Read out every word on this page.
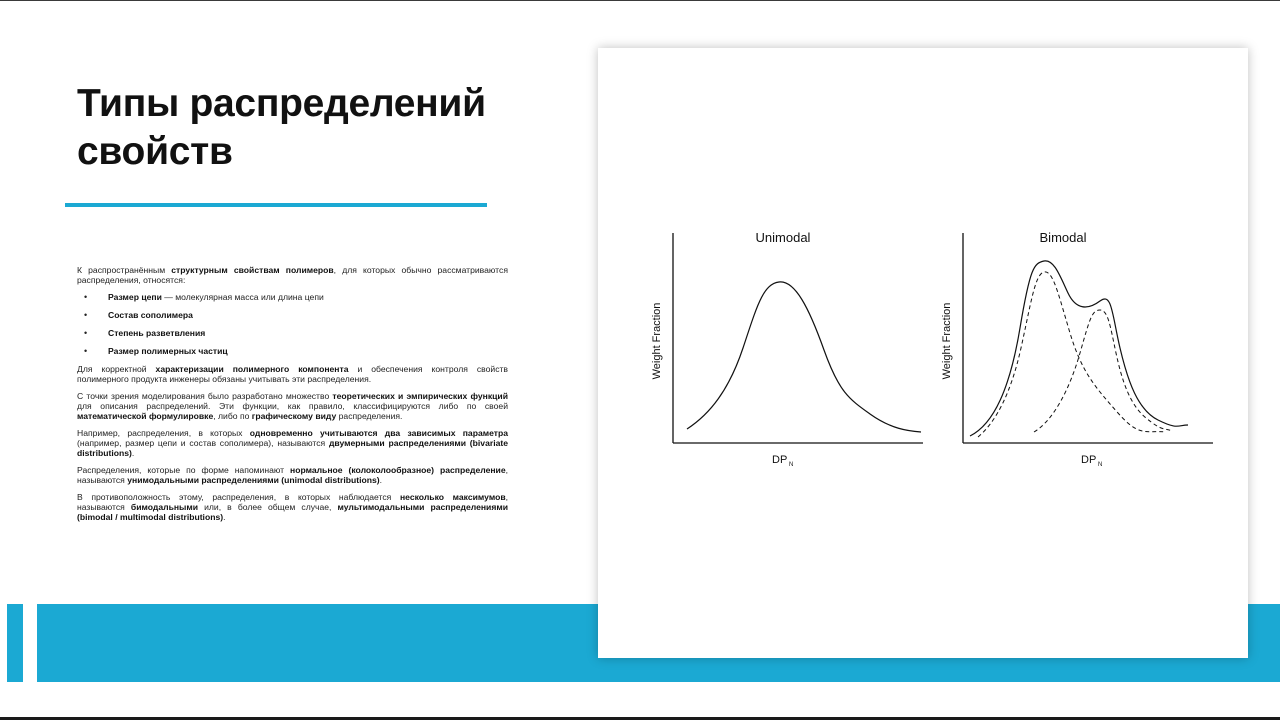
Типы распределений
свойств

К распространённым структурным свойствам полимеров, для которых обычно рассматриваются распределения, относятся:

• Размер цепи — молекулярная масса или длина цепи
• Состав сополимера
• Степень разветвления
• Размер полимерных частиц

Для корректной характеризации полимерного компонента и обеспечения контроля свойств полимерного продукта инженеры обязаны учитывать эти распределения.

С точки зрения моделирования было разработано множество теоретических и эмпирических функций для описания распределений. Эти функции, как правило, классифицируются либо по своей математической формулировке, либо по графическому виду распределения.

Например, распределения, в которых одновременно учитываются два зависимых параметра (например, размер цепи и состав сополимера), называются двумерными распределениями (bivariate distributions).

Распределения, которые по форме напоминают нормальное (колоколообразное) распределение, называются унимодальными распределениями (unimodal distributions).

В противоположность этому, распределения, в которых наблюдается несколько максимумов, называются бимодальными или, в более общем случае, мультимодальными распределениями (bimodal / multimodal distributions).

Unimodal
Weight Fraction
DP N
Bimodal
Weight Fraction
DP N
